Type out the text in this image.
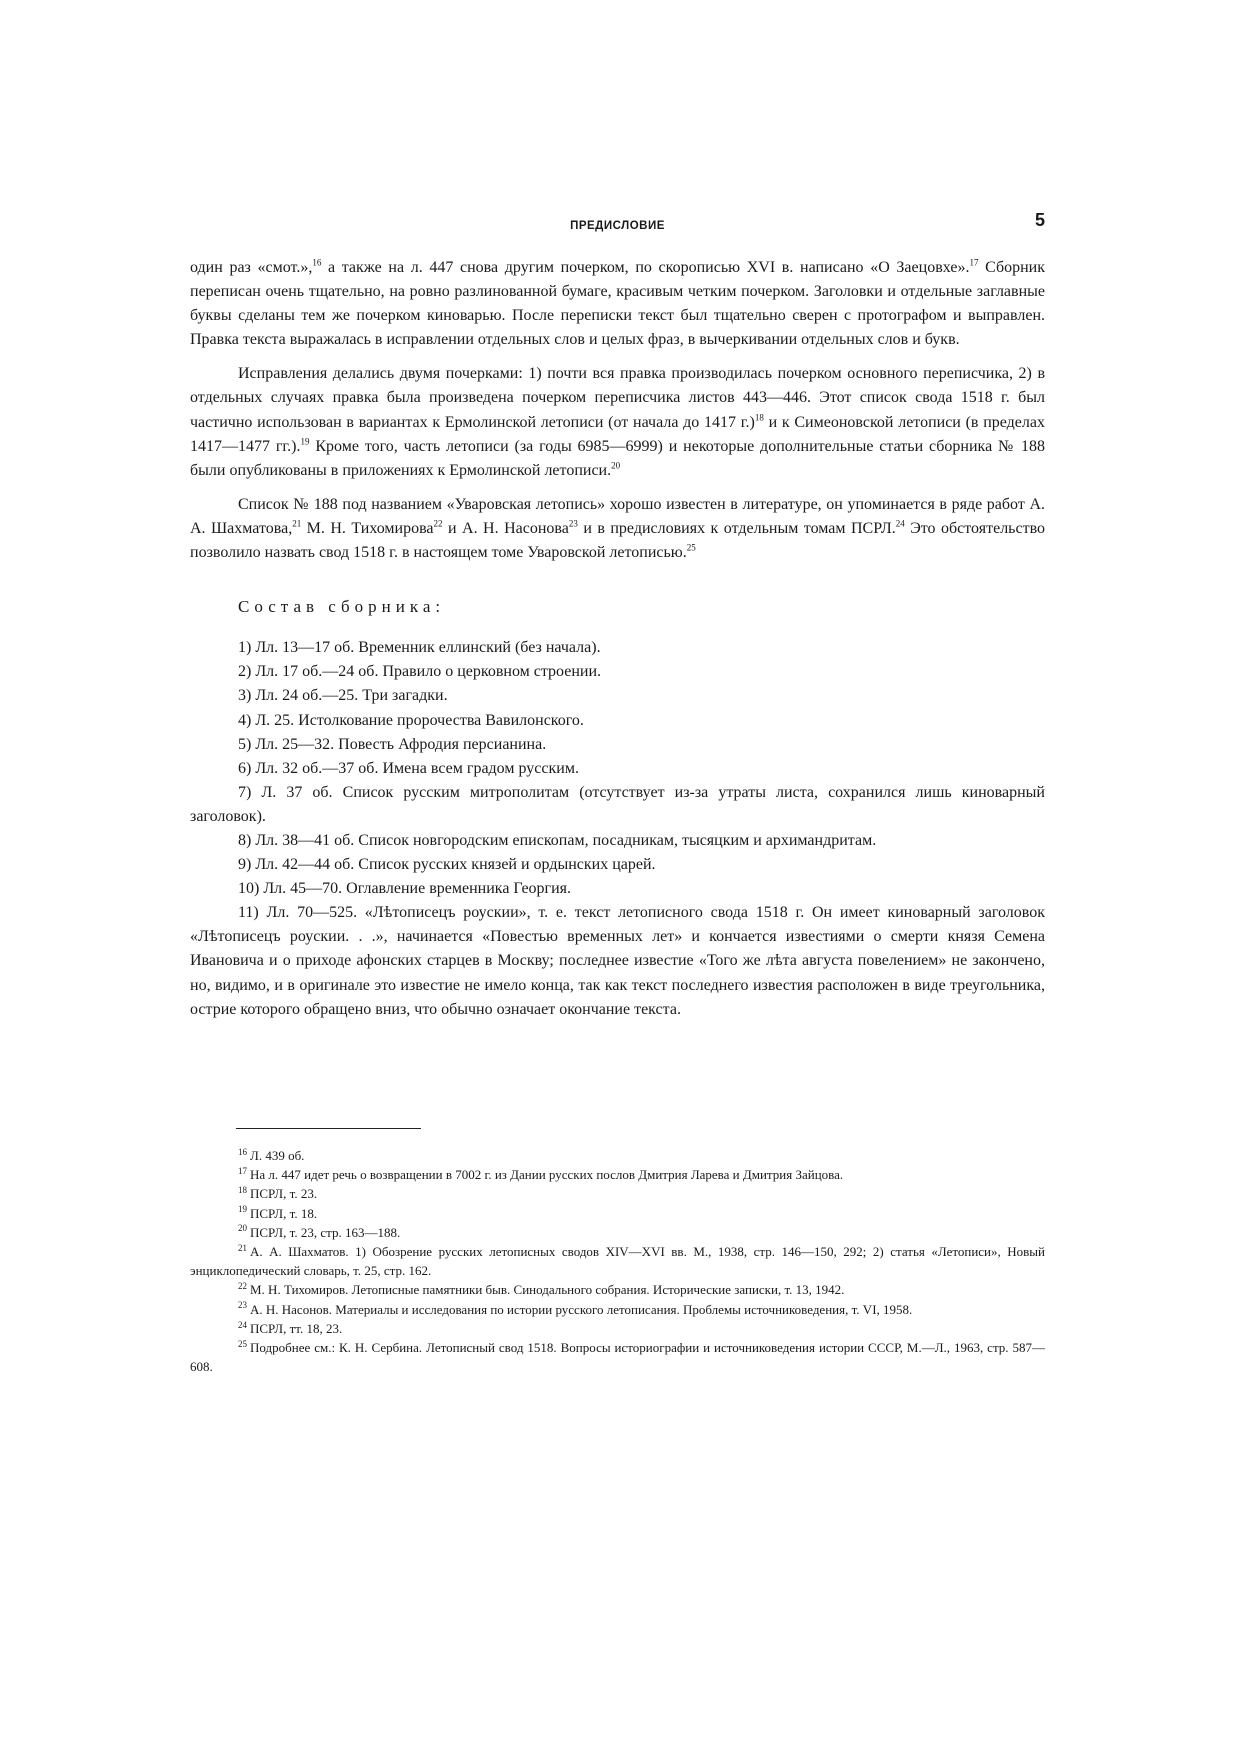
ПРЕДИСЛОВИЕ	5

один раз «смот.»,$^{16}$ а также на л. 447 снова другим почерком, по скорописью XVI в. написано «О Заецовхе».$^{17}$ Сборник переписан очень тщательно, на ровно разлинованной бумаге, красивым четким почерком. Заголовки и отдельные заглавные буквы сделаны тем же почерком киноварью. После переписки текст был тщательно сверен с протографом и выправлен. Правка текста выражалась в исправлении отдельных слов и целых фраз, в вычеркивании отдельных слов и букв.

Исправления делались двумя почерками: 1) почти вся правка производилась почерком основного переписчика, 2) в отдельных случаях правка была произведена почерком переписчика листов 443—446. Этот список свода 1518 г. был частично использован в вариантах к Ермолинской летописи (от начала до 1417 г.)$^{18}$ и к Симеоновской летописи (в пределах 1417—1477 гг.).$^{19}$ Кроме того, часть летописи (за годы 6985—6999) и некоторые дополнительные статьи сборника № 188 были опубликованы в приложениях к Ермолинской летописи.$^{20}$

Список № 188 под названием «Уваровская летопись» хорошо известен в литературе, он упоминается в ряде работ А. А. Шахматова,$^{21}$ М. Н. Тихомирова$^{22}$ и А. Н. Насонова$^{23}$ и в предисловиях к отдельным томам ПСРЛ.$^{24}$ Это обстоятельство позволило назвать свод 1518 г. в настоящем томе Уваровской летописью.$^{25}$

Состав сборника:

1) Лл. 13—17 об. Временник еллинский (без начала).
2) Лл. 17 об.—24 об. Правило о церковном строении.
3) Лл. 24 об.—25. Три загадки.
4) Л. 25. Истолкование пророчества Вавилонского.
5) Лл. 25—32. Повесть Афродия персианина.
6) Лл. 32 об.—37 об. Имена всем градом русским.
7) Л. 37 об. Список русским митрополитам (отсутствует из-за утраты листа, сохранился лишь киноварный заголовок).
8) Лл. 38—41 об. Список новгородским епископам, посадникам, тысяцким и архимандритам.
9) Лл. 42—44 об. Список русских князей и ордынских царей.
10) Лл. 45—70. Оглавление временника Георгия.
11) Лл. 70—525. «Лѣтописецъ роускии», т. е. текст летописного свода 1518 г. Он имеет киноварный заголовок «Лѣтописецъ роускии. . .», начинается «Повестью временных лет» и кончается известиями о смерти князя Семена Ивановича и о приходе афонских старцев в Москву; последнее известие «Того же лѣта августа повелением» не закончено, но, видимо, и в оригинале это известие не имело конца, так как текст последнего известия расположен в виде треугольника, острие которого обращено вниз, что обычно означает окончание текста.

$^{16}$ Л. 439 об.

$^{17}$ На л. 447 идет речь о возвращении в 7002 г. из Дании русских послов Дмитрия Ларева и Дмитрия Зайцова.

$^{18}$ ПСРЛ, т. 23.

$^{19}$ ПСРЛ, т. 18.

$^{20}$ ПСРЛ, т. 23, стр. 163—188.

$^{21}$ А. А. Шахматов. 1) Обозрение русских летописных сводов XIV—XVI вв. М., 1938, стр. 146—150, 292; 2) статья «Летописи», Новый энциклопедический словарь, т. 25, стр. 162.

$^{22}$ М. Н. Тихомиров. Летописные памятники быв. Синодального собрания. Исторические записки, т. 13, 1942.

$^{23}$ А. Н. Насонов. Материалы и исследования по истории русского летописания. Проблемы источниковедения, т. VI, 1958.

$^{24}$ ПСРЛ, тт. 18, 23.

$^{25}$ Подробнее см.: К. Н. Сербина. Летописный свод 1518. Вопросы историографии и источниковедения истории СССР, М.—Л., 1963, стр. 587—608.
